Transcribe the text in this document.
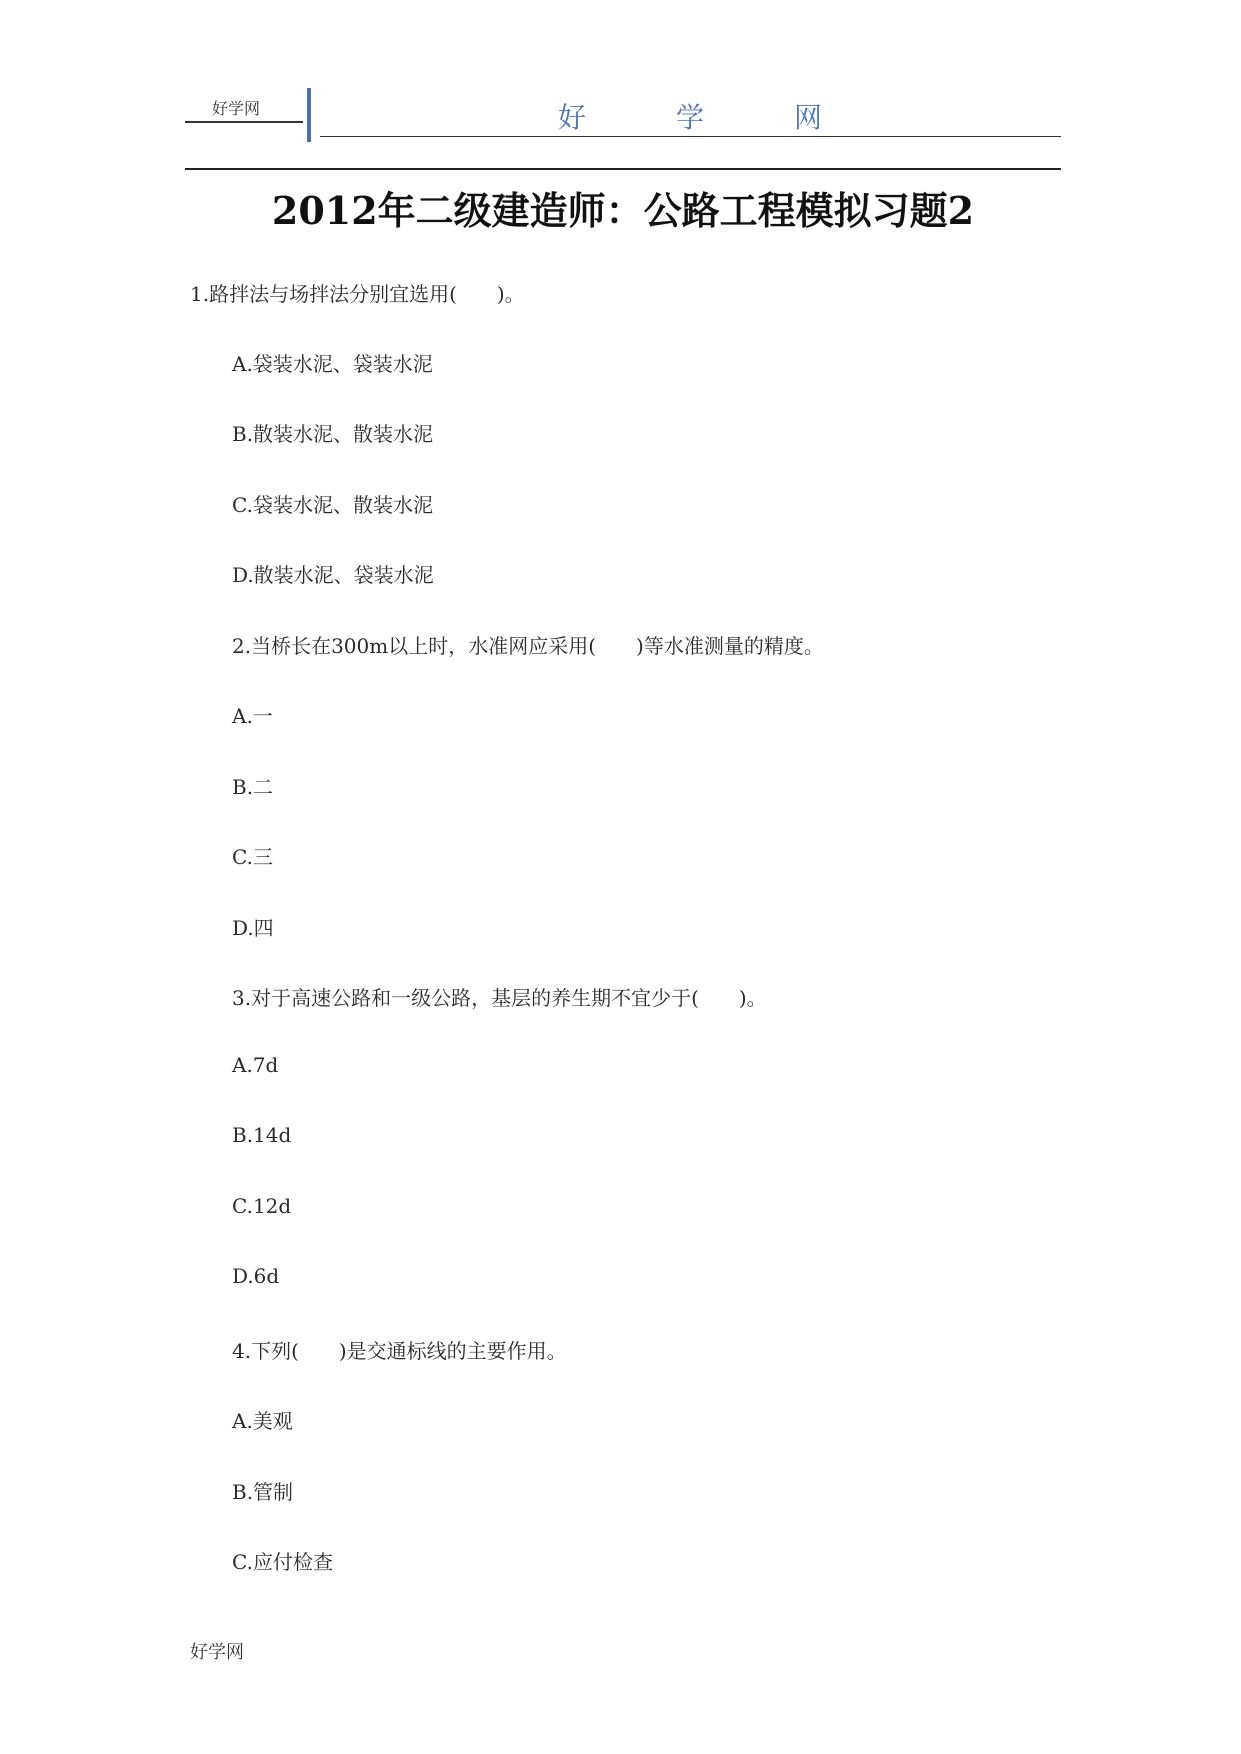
好学网	好学网
2012年二级建造师：公路工程模拟习题2
1.路拌法与场拌法分别宜选用(　　)。
A.袋装水泥、袋装水泥
B.散装水泥、散装水泥
C.袋装水泥、散装水泥
D.散装水泥、袋装水泥
2.当桥长在300m以上时，水准网应采用(　　)等水准测量的精度。
A.一
B.二
C.三
D.四
3.对于高速公路和一级公路，基层的养生期不宜少于(　　)。
A.7d
B.14d
C.12d
D.6d
4.下列(　　)是交通标线的主要作用。
A.美观
B.管制
C.应付检查
好学网
